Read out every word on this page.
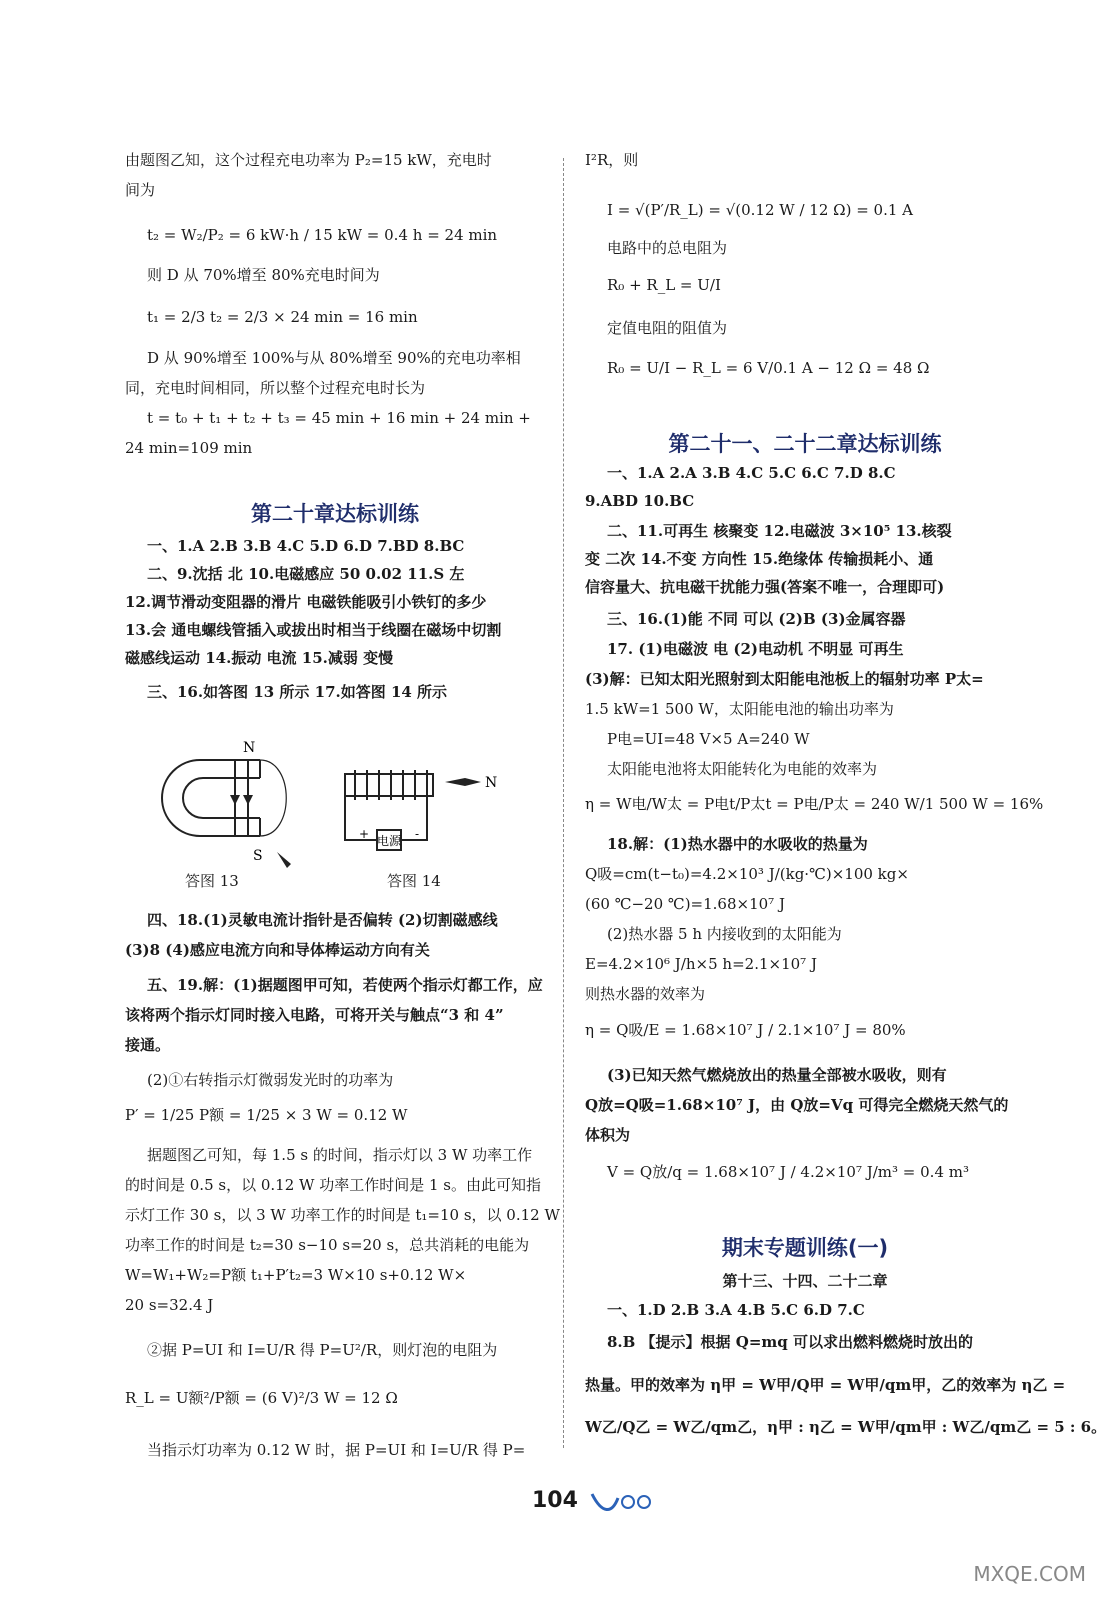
由题图乙知，这个过程充电功率为 P₂=15 kW，充电时
间为
t₂ = W₂/P₂ = 6 kW·h / 15 kW = 0.4 h = 24 min
则 D 从 70%增至 80%充电时间为
t₁ = 2/3 t₂ = 2/3 × 24 min = 16 min
D 从 90%增至 100%与从 80%增至 90%的充电功率相
同，充电时间相同，所以整个过程充电时长为
t = t₀ + t₁ + t₂ + t₃ = 45 min + 16 min + 24 min +
24 min=109 min
第二十章达标训练
一、1.A 2.B 3.B 4.C 5.D 6.D 7.BD 8.BC
二、9.沈括 北 10.电磁感应 50 0.02 11.S 左
12.调节滑动变阻器的滑片 电磁铁能吸引小铁钉的多少
13.会 通电螺线管插入或拔出时相当于线圈在磁场中切割
磁感线运动 14.振动 电流 15.减弱 变慢
三、16.如答图 13 所示 17.如答图 14 所示
N
S
电源
+	-
N
答图 13	答图 14
四、18.(1)灵敏电流计指针是否偏转 (2)切割磁感线
(3)8 (4)感应电流方向和导体棒运动方向有关
五、19.解：(1)据题图甲可知，若使两个指示灯都工作，应
该将两个指示灯同时接入电路，可将开关与触点“3 和 4”
接通。
(2)①右转指示灯微弱发光时的功率为
P′ = 1/25 P额 = 1/25 × 3 W = 0.12 W
据题图乙可知，每 1.5 s 的时间，指示灯以 3 W 功率工作
的时间是 0.5 s，以 0.12 W 功率工作时间是 1 s。由此可知指
示灯工作 30 s，以 3 W 功率工作的时间是 t₁=10 s，以 0.12 W
功率工作的时间是 t₂=30 s−10 s=20 s，总共消耗的电能为
W=W₁+W₂=P额 t₁+P′t₂=3 W×10 s+0.12 W×
20 s=32.4 J
②据 P=UI 和 I=U/R 得 P=U²/R，则灯泡的电阻为
R_L = U额²/P额 = (6 V)²/3 W = 12 Ω
当指示灯功率为 0.12 W 时，据 P=UI 和 I=U/R 得 P=
I²R，则
I = √(P′/R_L) = √(0.12 W / 12 Ω) = 0.1 A
电路中的总电阻为
R₀ + R_L = U/I
定值电阻的阻值为
R₀ = U/I − R_L = 6 V/0.1 A − 12 Ω = 48 Ω
第二十一、二十二章达标训练
一、1.A 2.A 3.B 4.C 5.C 6.C 7.D 8.C
9.ABD 10.BC
二、11.可再生 核聚变 12.电磁波 3×10⁵ 13.核裂
变 二次 14.不变 方向性 15.绝缘体 传输损耗小、通
信容量大、抗电磁干扰能力强(答案不唯一，合理即可)
三、16.(1)能 不同 可以 (2)B (3)金属容器
17. (1)电磁波 电 (2)电动机 不明显 可再生
(3)解：已知太阳光照射到太阳能电池板上的辐射功率 P太=
1.5 kW=1 500 W，太阳能电池的输出功率为
P电=UI=48 V×5 A=240 W
太阳能电池将太阳能转化为电能的效率为
η = W电/W太 = P电t/P太t = P电/P太 = 240 W/1 500 W = 16%
18.解：(1)热水器中的水吸收的热量为
Q吸=cm(t−t₀)=4.2×10³ J/(kg·℃)×100 kg×
(60 ℃−20 ℃)=1.68×10⁷ J
(2)热水器 5 h 内接收到的太阳能为
E=4.2×10⁶ J/h×5 h=2.1×10⁷ J
则热水器的效率为
η = Q吸/E = 1.68×10⁷ J / 2.1×10⁷ J = 80%
(3)已知天然气燃烧放出的热量全部被水吸收，则有
Q放=Q吸=1.68×10⁷ J，由 Q放=Vq 可得完全燃烧天然气的
体积为
V = Q放/q = 1.68×10⁷ J / 4.2×10⁷ J/m³ = 0.4 m³
期末专题训练(一)
第十三、十四、二十二章
一、1.D 2.B 3.A 4.B 5.C 6.D 7.C
8.B 【提示】根据 Q=mq 可以求出燃料燃烧时放出的
热量。甲的效率为 η甲 = W甲/Q甲 = W甲/qm甲，乙的效率为 η乙 =
W乙/Q乙 = W乙/qm乙，η甲 : η乙 = W甲/qm甲 : W乙/qm乙 = 5 : 6。
104
MXQE.COM
